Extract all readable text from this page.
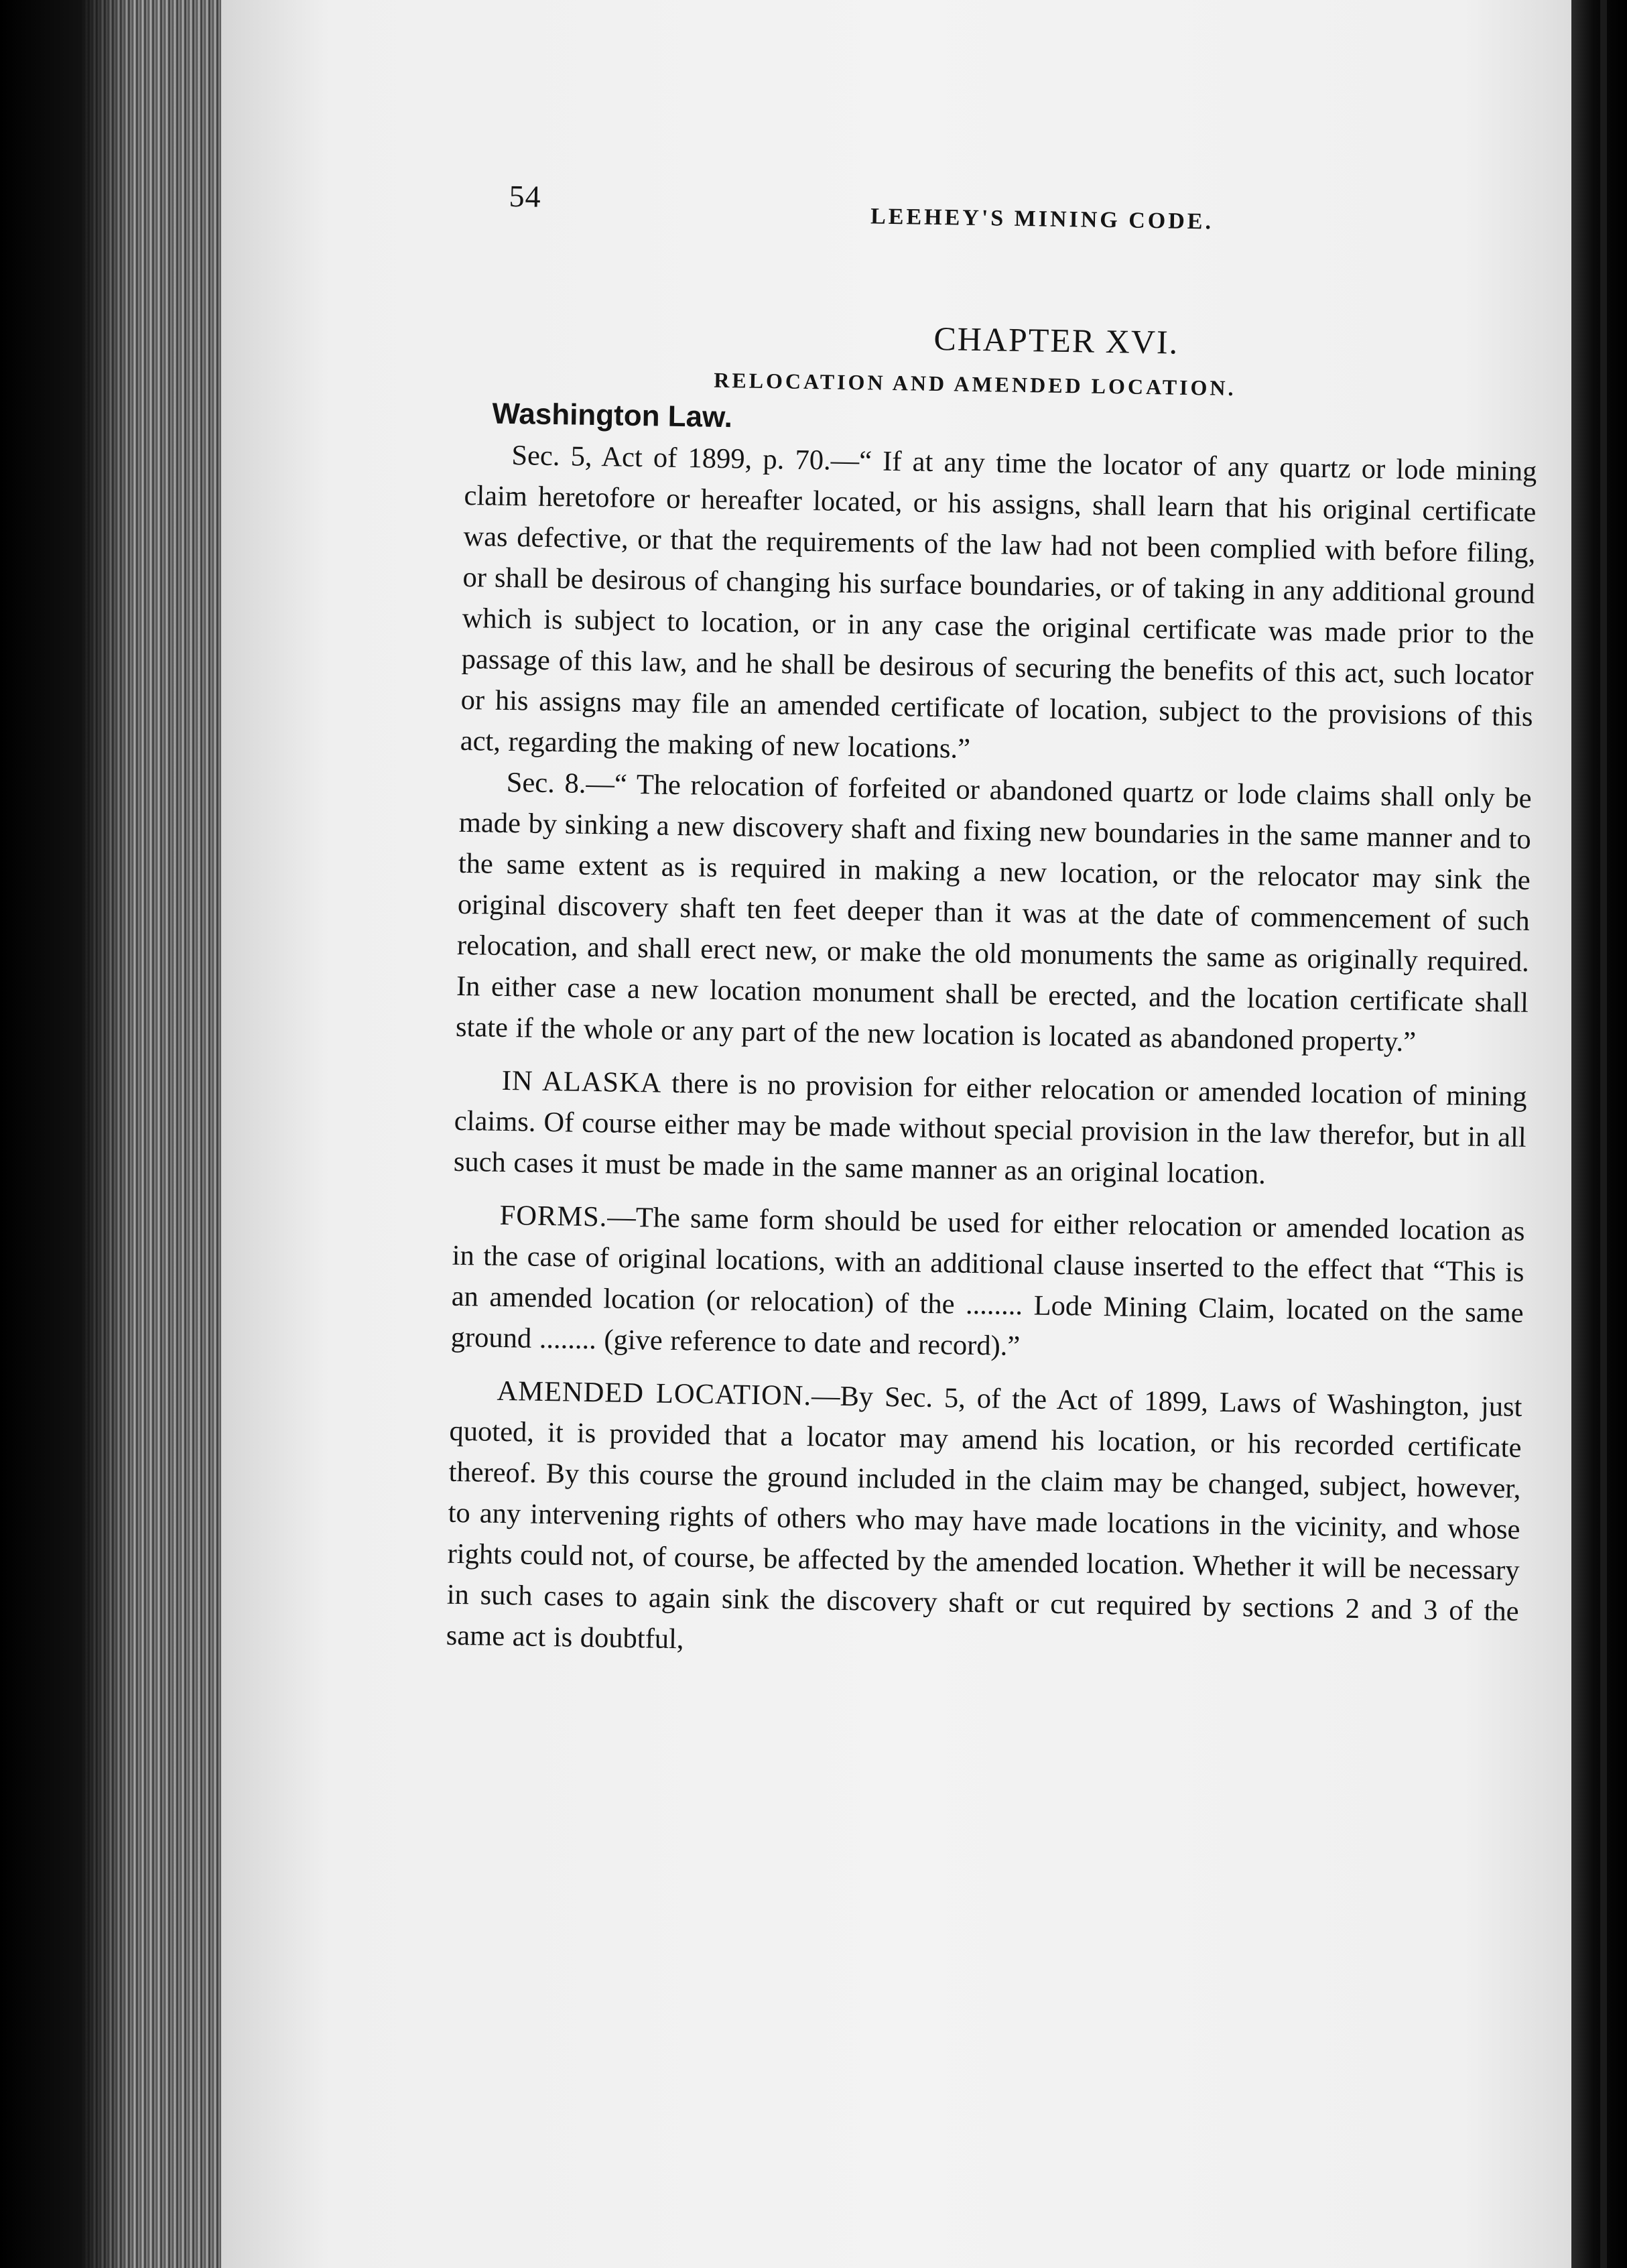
54
LEEHEY'S MINING CODE.
CHAPTER XVI.
RELOCATION AND AMENDED LOCATION.
Washington Law.

Sec. 5, Act of 1899, p. 70.—“ If at any time the locator of any quartz or lode mining claim heretofore or hereafter located, or his assigns, shall learn that his original certificate was defective, or that the requirements of the law had not been complied with before filing, or shall be desirous of changing his surface boundaries, or of taking in any additional ground which is subject to location, or in any case the original certificate was made prior to the passage of this law, and he shall be desirous of securing the benefits of this act, such locator or his assigns may file an amended certificate of location, subject to the provisions of this act, regarding the making of new locations.”

Sec. 8.—“ The relocation of forfeited or abandoned quartz or lode claims shall only be made by sinking a new discovery shaft and fixing new boundaries in the same manner and to the same extent as is required in making a new location, or the relocator may sink the original discovery shaft ten feet deeper than it was at the date of commencement of such relocation, and shall erect new, or make the old monuments the same as originally required. In either case a new location monument shall be erected, and the location certificate shall state if the whole or any part of the new location is located as abandoned property.”

IN ALASKA there is no provision for either relocation or amended location of mining claims. Of course either may be made without special provision in the law therefor, but in all such cases it must be made in the same manner as an original location.

FORMS.—The same form should be used for either relocation or amended location as in the case of original locations, with an additional clause inserted to the effect that “This is an amended location (or relocation) of the ........ Lode Mining Claim, located on the same ground ........ (give reference to date and record).”

AMENDED LOCATION.—By Sec. 5, of the Act of 1899, Laws of Washington, just quoted, it is provided that a locator may amend his location, or his recorded certificate thereof. By this course the ground included in the claim may be changed, subject, however, to any intervening rights of others who may have made locations in the vicinity, and whose rights could not, of course, be affected by the amended location. Whether it will be necessary in such cases to again sink the discovery shaft or cut required by sections 2 and 3 of the same act is doubtful,
